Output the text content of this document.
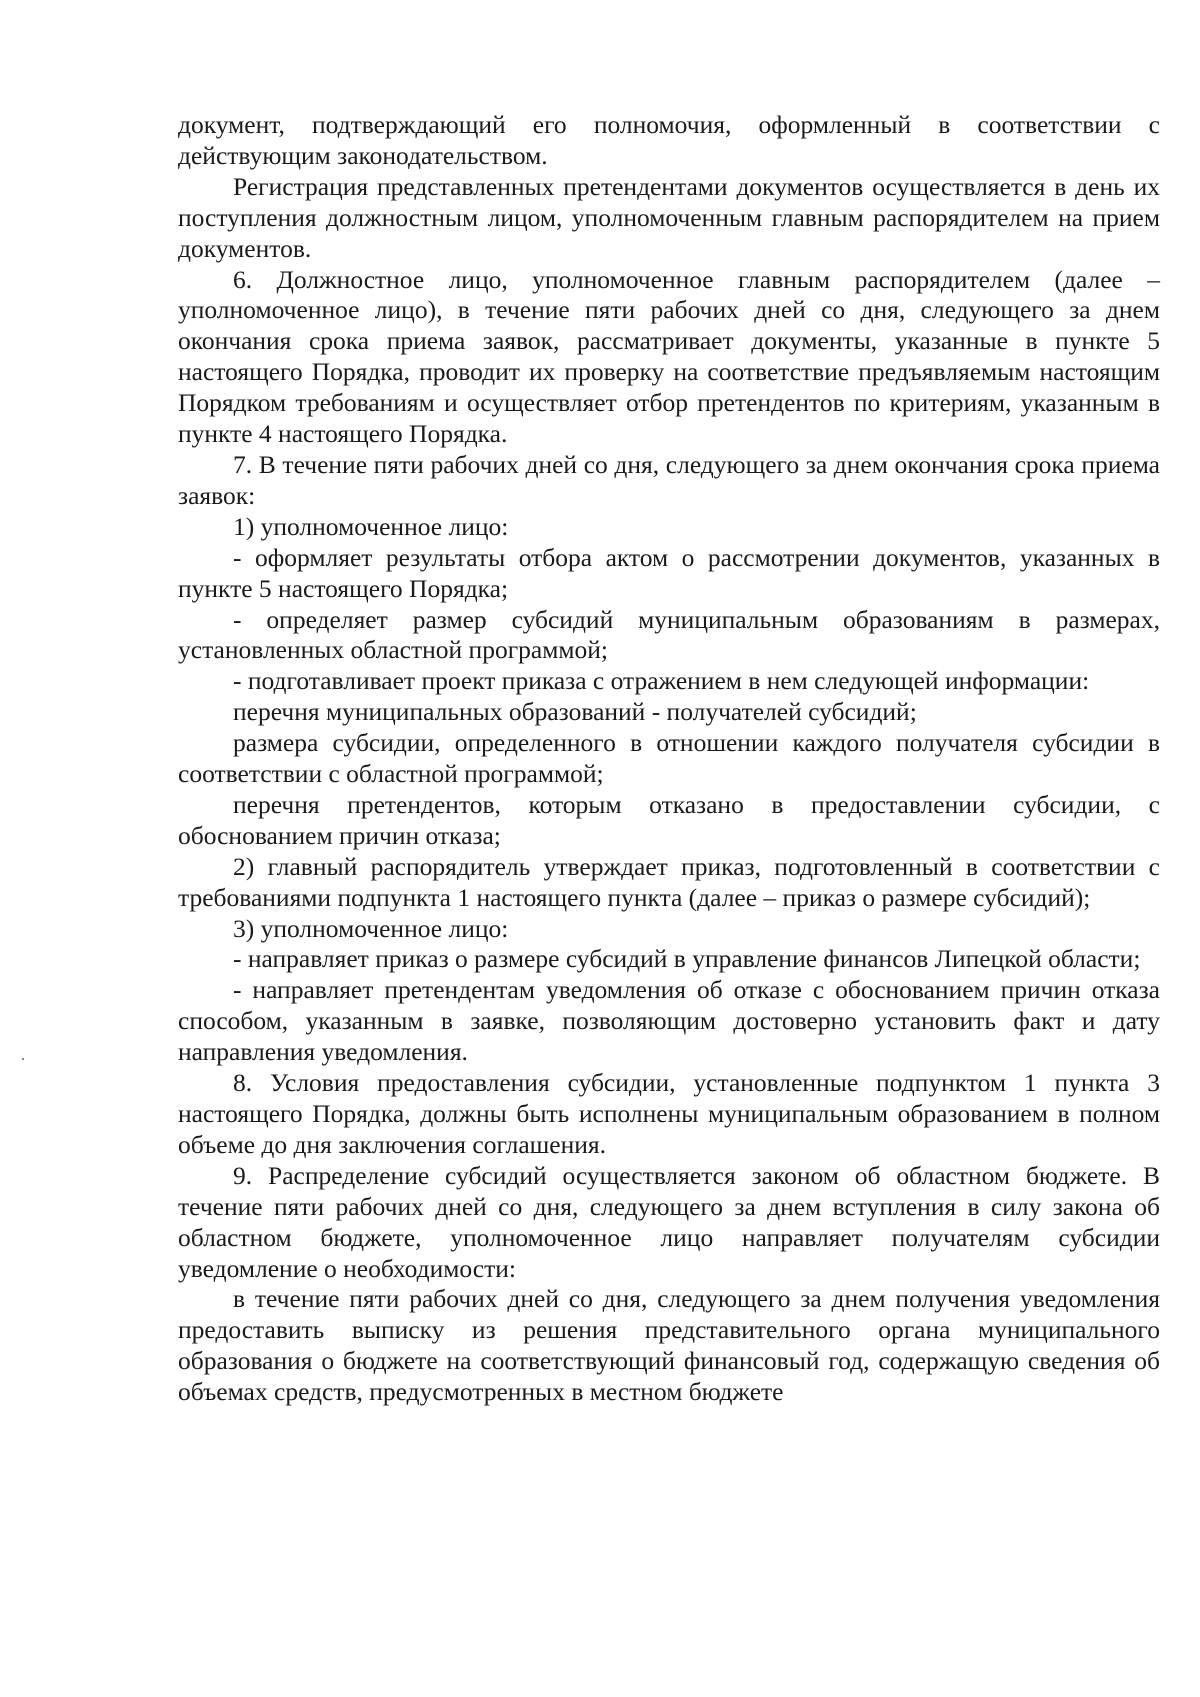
документ, подтверждающий его полномочия, оформленный в соответствии с действующим законодательством.

Регистрация представленных претендентами документов осуществляется в день их поступления должностным лицом, уполномоченным главным распорядителем на прием документов.

6. Должностное лицо, уполномоченное главным распорядителем (далее – уполномоченное лицо), в течение пяти рабочих дней со дня, следующего за днем окончания срока приема заявок, рассматривает документы, указанные в пункте 5 настоящего Порядка, проводит их проверку на соответствие предъявляемым настоящим Порядком требованиям и осуществляет отбор претендентов по критериям, указанным в пункте 4 настоящего Порядка.

7. В течение пяти рабочих дней со дня, следующего за днем окончания срока приема заявок:

1) уполномоченное лицо:

- оформляет результаты отбора актом о рассмотрении документов, указанных в пункте 5 настоящего Порядка;

- определяет размер субсидий муниципальным образованиям в размерах, установленных областной программой;

- подготавливает проект приказа с отражением в нем следующей информации:

перечня муниципальных образований - получателей субсидий;

размера субсидии, определенного в отношении каждого получателя субсидии в соответствии с областной программой;

перечня претендентов, которым отказано в предоставлении субсидии, с обоснованием причин отказа;

2) главный распорядитель утверждает приказ, подготовленный в соответствии с требованиями подпункта 1 настоящего пункта (далее – приказ о размере субсидий);

3) уполномоченное лицо:

- направляет приказ о размере субсидий в управление финансов Липецкой области;

- направляет претендентам уведомления об отказе с обоснованием причин отказа способом, указанным в заявке, позволяющим достоверно установить факт и дату направления уведомления.

8. Условия предоставления субсидии, установленные подпунктом 1 пункта 3 настоящего Порядка, должны быть исполнены муниципальным образованием в полном объеме до дня заключения соглашения.

9. Распределение субсидий осуществляется законом об областном бюджете. В течение пяти рабочих дней со дня, следующего за днем вступления в силу закона об областном бюджете, уполномоченное лицо направляет получателям субсидии уведомление о необходимости:

в течение пяти рабочих дней со дня, следующего за днем получения уведомления предоставить выписку из решения представительного органа муниципального образования о бюджете на соответствующий финансовый год, содержащую сведения об объемах средств, предусмотренных в местном бюджете
